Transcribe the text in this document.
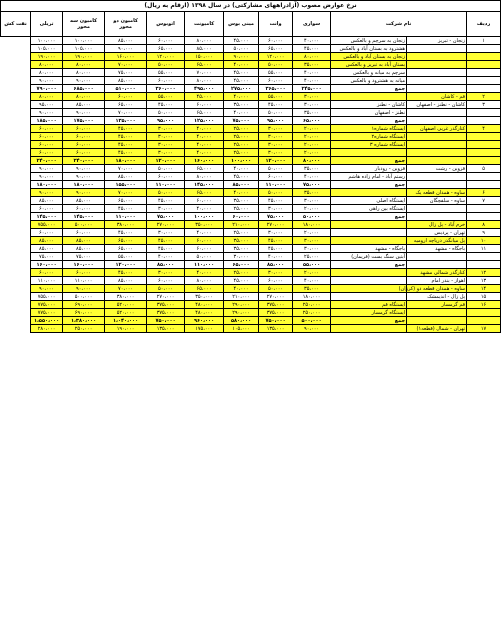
نرخ عوارض مصوب (آزادراههای مشارکتی) در سال ۱۳۹۸ (ارقام به ریال)											
ردیف	نام شرکت		سواری	وانت	مینی بوس	کامیونت	اتوبوس	کامیون دو محور	کامیون سه محور	تریلی	نفت کش
۱	زنجان - تبریز	زنجان به سرچم و بالعکس	۴۰،۰۰۰	۶۰،۰۰۰	۴۵،۰۰۰	۸۰،۰۰۰	۶۰،۰۰۰	۸۵،۰۰۰	۱۰۰،۰۰۰	۱۰۰،۰۰۰	
		هشترود به بستان آباد و بالعکس	۴۵،۰۰۰	۶۵،۰۰۰	۵۰،۰۰۰	۸۵،۰۰۰	۶۵،۰۰۰	۹۰،۰۰۰	۱۰۵،۰۰۰	۱۰۵،۰۰۰	
		زنجان به بستان آباد و بالعکس	۸۰،۰۰۰	۱۲۰،۰۰۰	۹۰،۰۰۰	۱۵۰،۰۰۰	۱۲۰،۰۰۰	۱۶۰،۰۰۰	۱۹۰،۰۰۰	۱۹۰،۰۰۰	
		بستان آباد به تبریز و بالعکس	۳۵،۰۰۰	۵۰،۰۰۰	۴۰،۰۰۰	۶۵،۰۰۰	۵۰،۰۰۰	۷۰،۰۰۰	۸۰،۰۰۰	۸۰،۰۰۰	
		سرچم به میانه و بالعکس	۴۰،۰۰۰	۵۵،۰۰۰	۴۵،۰۰۰	۷۰،۰۰۰	۵۵،۰۰۰	۷۵،۰۰۰	۸۰،۰۰۰	۸۰،۰۰۰	
		میانه به هشترود و بالعکس	۴۰،۰۰۰	۶۰،۰۰۰	۴۵،۰۰۰	۸۰،۰۰۰	۶۰،۰۰۰	۸۵،۰۰۰	۹۰،۰۰۰	۹۰،۰۰۰	
		جمع	۲۴۵،۰۰۰	۳۶۵،۰۰۰	۲۷۵،۰۰۰	۴۹۵،۰۰۰	۳۶۰،۰۰۰	۵۱۰،۰۰۰	۶۸۵،۰۰۰	۷۹۰،۰۰۰	
۲	قم - کاشان		۳۰،۰۰۰	۵۵،۰۰۰	۴۰،۰۰۰	۴۵،۰۰۰	۵۵،۰۰۰	۶۰،۰۰۰	۸۰،۰۰۰	۸۰،۰۰۰	
۳	کاشان - نطنز - اصفهان	کاشان - نطنز	۳۰،۰۰۰	۴۵،۰۰۰	۳۵،۰۰۰	۶۰،۰۰۰	۴۵،۰۰۰	۶۵،۰۰۰	۸۵،۰۰۰	۹۵،۰۰۰	
		نطنز - اصفهان	۳۵،۰۰۰	۵۰،۰۰۰	۴۰،۰۰۰	۶۵،۰۰۰	۵۰،۰۰۰	۷۰،۰۰۰	۹۰،۰۰۰	۹۰،۰۰۰	
		جمع	۶۵،۰۰۰	۹۵،۰۰۰	۷۵،۰۰۰	۱۲۵،۰۰۰	۹۵،۰۰۰	۱۳۵،۰۰۰	۱۷۵،۰۰۰	۱۸۵،۰۰۰	
۴	کنارگذر غربی اصفهان	ایستگاه شماره۱	۲۰،۰۰۰	۳۰،۰۰۰	۲۵،۰۰۰	۴۰،۰۰۰	۳۰،۰۰۰	۴۵،۰۰۰	۶۰،۰۰۰	۶۰،۰۰۰	
		ایستگاه شماره۲	۲۰،۰۰۰	۳۰،۰۰۰	۲۵،۰۰۰	۴۰،۰۰۰	۳۰،۰۰۰	۴۵،۰۰۰	۶۰،۰۰۰	۶۰،۰۰۰	
		ایستگاه شماره ۳	۲۰،۰۰۰	۳۰،۰۰۰	۲۵،۰۰۰	۴۰،۰۰۰	۳۰،۰۰۰	۴۵،۰۰۰	۶۰،۰۰۰	۶۰،۰۰۰	
			۲۰،۰۰۰	۳۰،۰۰۰	۲۵،۰۰۰	۴۰،۰۰۰	۳۰،۰۰۰	۴۵،۰۰۰	۶۰،۰۰۰	۶۰،۰۰۰	
		جمع	۸۰،۰۰۰	۱۲۰،۰۰۰	۱۰۰،۰۰۰	۱۶۰،۰۰۰	۱۲۰،۰۰۰	۱۸۰،۰۰۰	۲۴۰،۰۰۰	۲۴۰،۰۰۰	
۵	قزوین - رشت	قزوین - رودبار	۳۵،۰۰۰	۵۰،۰۰۰	۴۰،۰۰۰	۶۵،۰۰۰	۵۰،۰۰۰	۷۰،۰۰۰	۹۰،۰۰۰	۹۰،۰۰۰	
		رستم آباد - امام زاده هاشم	۴۰،۰۰۰	۶۰،۰۰۰	۴۵،۰۰۰	۸۰،۰۰۰	۶۰،۰۰۰	۸۵،۰۰۰	۹۰،۰۰۰	۹۰،۰۰۰	
		جمع	۷۵،۰۰۰	۱۱۰،۰۰۰	۸۵،۰۰۰	۱۴۵،۰۰۰	۱۱۰،۰۰۰	۱۵۵،۰۰۰	۱۸۰،۰۰۰	۱۸۰،۰۰۰	
۶	ساوه - همدان قطعه یک		۳۵،۰۰۰	۵۰،۰۰۰	۴۰،۰۰۰	۶۵،۰۰۰	۵۰،۰۰۰	۷۰،۰۰۰	۹۰،۰۰۰	۹۰،۰۰۰	
۷	ساوه - سلفچگان	ایستگاه اصلی	۳۰،۰۰۰	۴۵،۰۰۰	۳۵،۰۰۰	۶۰،۰۰۰	۴۵،۰۰۰	۶۵،۰۰۰	۸۵،۰۰۰	۸۵،۰۰۰	
		ایستگاه بین راهی	۲۰،۰۰۰	۳۰،۰۰۰	۲۵،۰۰۰	۴۰،۰۰۰	۳۰،۰۰۰	۴۵،۰۰۰	۶۰،۰۰۰	۶۰،۰۰۰	
		جمع	۵۰،۰۰۰	۷۵،۰۰۰	۶۰،۰۰۰	۱۰۰،۰۰۰	۷۵،۰۰۰	۱۱۰،۰۰۰	۱۴۵،۰۰۰	۱۴۵،۰۰۰	
۸	خرم آباد - پل زال		۱۸۰،۰۰۰	۲۷۰،۰۰۰	۲۱۰،۰۰۰	۳۵۰،۰۰۰	۲۷۰،۰۰۰	۳۸۰،۰۰۰	۵۰۰،۰۰۰	۷۵۵،۰۰۰	
۹	تهران - پردیس		۲۰،۰۰۰	۳۰،۰۰۰	۲۵،۰۰۰	۴۰،۰۰۰	۳۰،۰۰۰	۴۵،۰۰۰	۶۰،۰۰۰	۶۰،۰۰۰	
۱۰	پل میانگذر دریاچه ارومیه		۳۰،۰۰۰	۴۵،۰۰۰	۳۵،۰۰۰	۶۰،۰۰۰	۴۵،۰۰۰	۶۵،۰۰۰	۸۵،۰۰۰	۸۵،۰۰۰	
۱۱	باجگاه - مشهد	باجگاه - مشهد	۳۰،۰۰۰	۴۵،۰۰۰	۳۵،۰۰۰	۶۰،۰۰۰	۴۵،۰۰۰	۶۵،۰۰۰	۸۵،۰۰۰	۸۵،۰۰۰	
		آبتین سنگ بست (فریمان)	۲۵،۰۰۰	۴۰،۰۰۰	۳۰،۰۰۰	۵۰،۰۰۰	۴۰،۰۰۰	۵۵،۰۰۰	۷۵،۰۰۰	۷۵،۰۰۰	
		جمع	۵۵،۰۰۰	۸۵،۰۰۰	۶۵،۰۰۰	۱۱۰،۰۰۰	۸۵،۰۰۰	۱۲۰،۰۰۰	۱۶۰،۰۰۰	۱۶۰،۰۰۰	
۱۲	کنارگذر شمالی مشهد		۲۰،۰۰۰	۳۰،۰۰۰	۲۵،۰۰۰	۴۰،۰۰۰	۳۰،۰۰۰	۴۵،۰۰۰	۶۰،۰۰۰	۶۰،۰۰۰	
۱۳	اهواز - بندر امام		۴۰،۰۰۰	۶۰،۰۰۰	۴۵،۰۰۰	۸۰،۰۰۰	۶۰،۰۰۰	۸۵،۰۰۰	۱۱۰،۰۰۰	۱۱۰،۰۰۰	
۱۴	ساوه - همدان قطعه دو (کرزان)		۳۵،۰۰۰	۵۰،۰۰۰	۴۰،۰۰۰	۶۵،۰۰۰	۵۰،۰۰۰	۷۰،۰۰۰	۹۰،۰۰۰	۹۰،۰۰۰	
۱۵	پل زال - اندیمشک		۱۸۰،۰۰۰	۲۷۰،۰۰۰	۲۱۰،۰۰۰	۳۵۰،۰۰۰	۲۷۰،۰۰۰	۳۸۰،۰۰۰	۵۰۰،۰۰۰	۷۵۵،۰۰۰	
۱۶	قم گرمسار	ایستگاه قم	۲۵۰،۰۰۰	۳۷۵،۰۰۰	۲۹۰،۰۰۰	۴۸۰،۰۰۰	۳۷۵،۰۰۰	۵۲۰،۰۰۰	۶۹۰،۰۰۰	۷۷۵،۰۰۰	
		ایستگاه گرمسار	۲۵۰،۰۰۰	۳۷۵،۰۰۰	۲۹۰،۰۰۰	۴۸۰،۰۰۰	۳۷۵،۰۰۰	۵۲۰،۰۰۰	۶۹۰،۰۰۰	۷۷۵،۰۰۰	
		جمع	۵۰۰،۰۰۰	۷۵۰،۰۰۰	۵۸۰،۰۰۰	۹۶۰،۰۰۰	۷۵۰،۰۰۰	۱،۰۴۰،۰۰۰	۱،۳۸۰،۰۰۰	۱،۵۵۰،۰۰۰	
۱۷	تهران - شمال (قطعه۱)		۹۰،۰۰۰	۱۳۵،۰۰۰	۱۰۵،۰۰۰	۱۷۵،۰۰۰	۱۳۵،۰۰۰	۱۹۰،۰۰۰	۲۵۰،۰۰۰	۲۸۰،۰۰۰	
